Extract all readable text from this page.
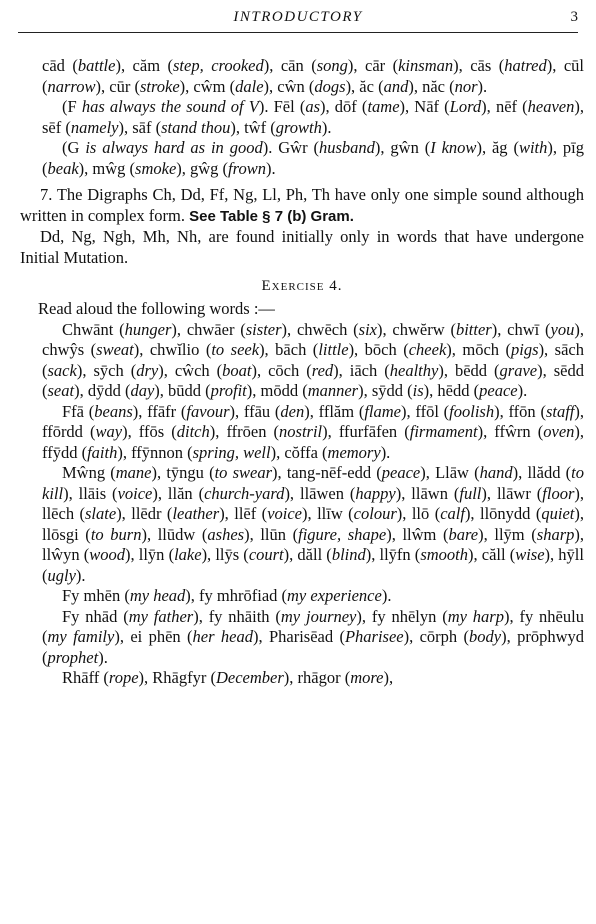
INTRODUCTORY	3

cād (battle), căm (step, crooked), cān (song), cār (kinsman), cās (hatred), cūl (narrow), cūr (stroke), cŵm (dale), cŵn (dogs), ăc (and), năc (nor).

(F has always the sound of V). Fēl (as), dōf (tame), Nāf (Lord), nēf (heaven), sēf (namely), sāf (stand thou), tŵf (growth).

(G is always hard as in good). Gŵr (husband), gŵn (I know), ăg (with), pīg (beak), mŵg (smoke), gŵg (frown).

7. The Digraphs Ch, Dd, Ff, Ng, Ll, Ph, Th have only one simple sound although written in complex form. See Table § 7 (b) Gram.

Dd, Ng, Ngh, Mh, Nh, are found initially only in words that have undergone Initial Mutation.

Exercise 4.

Read aloud the following words :—

Chwānt (hunger), chwāer (sister), chwēch (six), chwĕrw (bitter), chwī (you), chwŷs (sweat), chwĭlio (to seek), bāch (little), bōch (cheek), mōch (pigs), sāch (sack), sȳch (dry), cŵch (boat), cōch (red), iāch (healthy), bēdd (grave), sēdd (seat), dȳdd (day), būdd (profit), mōdd (manner), sȳdd (is), hēdd (peace).

Ffā (beans), ffāfr (favour), ffāu (den), fflăm (flame), ffōl (foolish), ffōn (staff), ffōrdd (way), ffōs (ditch), ffrōen (nostril), ffurfāfen (firmament), ffŵrn (oven), ffȳdd (faith), ffȳnnon (spring, well), cŏffa (memory).

Mŵng (mane), tȳngu (to swear), tang-nēf-edd (peace), Llāw (hand), llădd (to kill), llāis (voice), llăn (church-yard), llāwen (happy), llāwn (full), llāwr (floor), llēch (slate), llēdr (leather), llēf (voice), llīw (colour), llō (calf), llōnydd (quiet), llōsgi (to burn), llūdw (ashes), llūn (figure, shape), llŵm (bare), llȳm (sharp), llŵyn (wood), llȳn (lake), llȳs (court), dăll (blind), llȳfn (smooth), căll (wise), hȳll (ugly).

Fy mhēn (my head), fy mhrōfiad (my experience).

Fy nhād (my father), fy nhāith (my journey), fy nhēlyn (my harp), fy nhēulu (my family), ei phēn (her head), Pharisēad (Pharisee), cōrph (body), prōphwyd (prophet).

Rhāff (rope), Rhāgfyr (December), rhāgor (more),
